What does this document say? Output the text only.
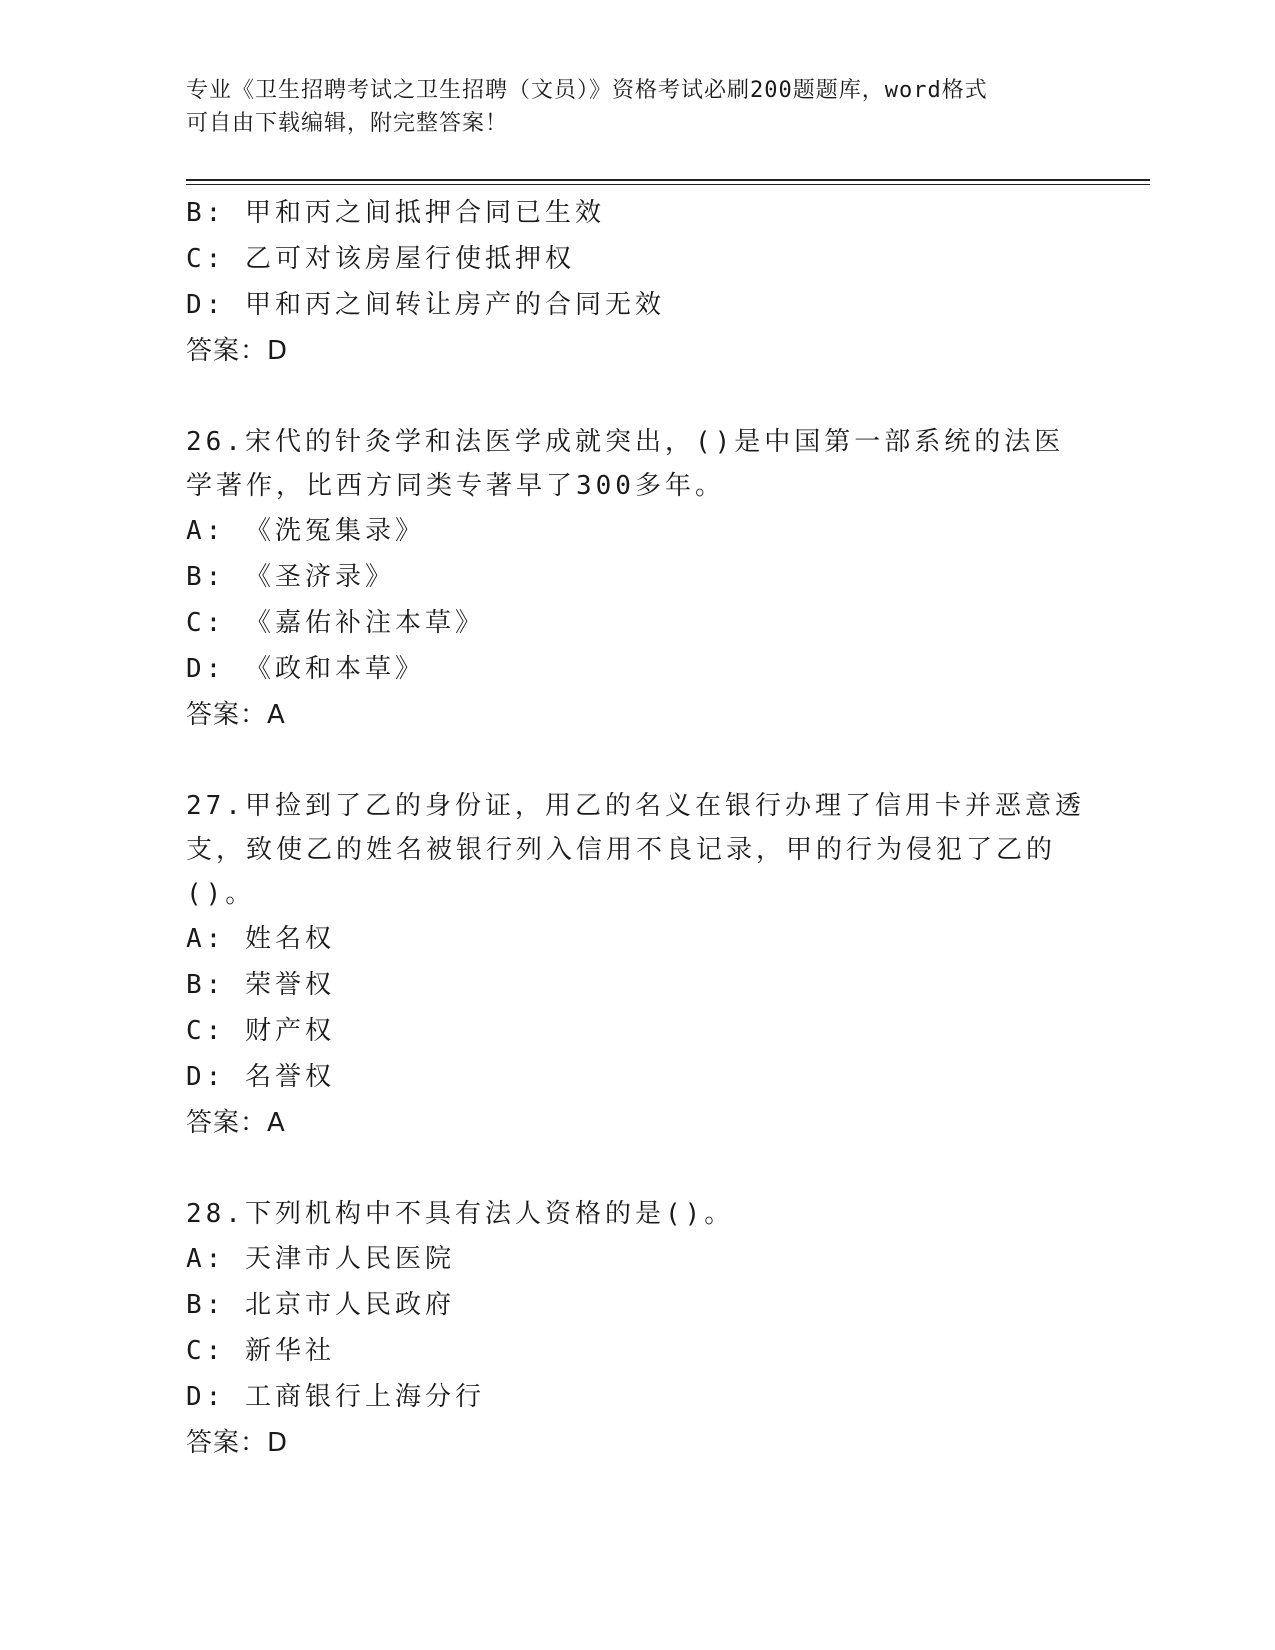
专业《卫生招聘考试之卫生招聘（文员）》资格考试必刷200题题库，word格式
可自由下载编辑，附完整答案！
B: 甲和丙之间抵押合同已生效
C: 乙可对该房屋行使抵押权
D: 甲和丙之间转让房产的合同无效
答案：D
26.宋代的针灸学和法医学成就突出，()是中国第一部系统的法医学著作，比西方同类专著早了300多年。
A: 《洗冤集录》
B: 《圣济录》
C: 《嘉佑补注本草》
D: 《政和本草》
答案：A
27.甲捡到了乙的身份证，用乙的名义在银行办理了信用卡并恶意透支，致使乙的姓名被银行列入信用不良记录，甲的行为侵犯了乙的()。
A: 姓名权
B: 荣誉权
C: 财产权
D: 名誉权
答案：A
28.下列机构中不具有法人资格的是()。
A: 天津市人民医院
B: 北京市人民政府
C: 新华社
D: 工商银行上海分行
答案：D
